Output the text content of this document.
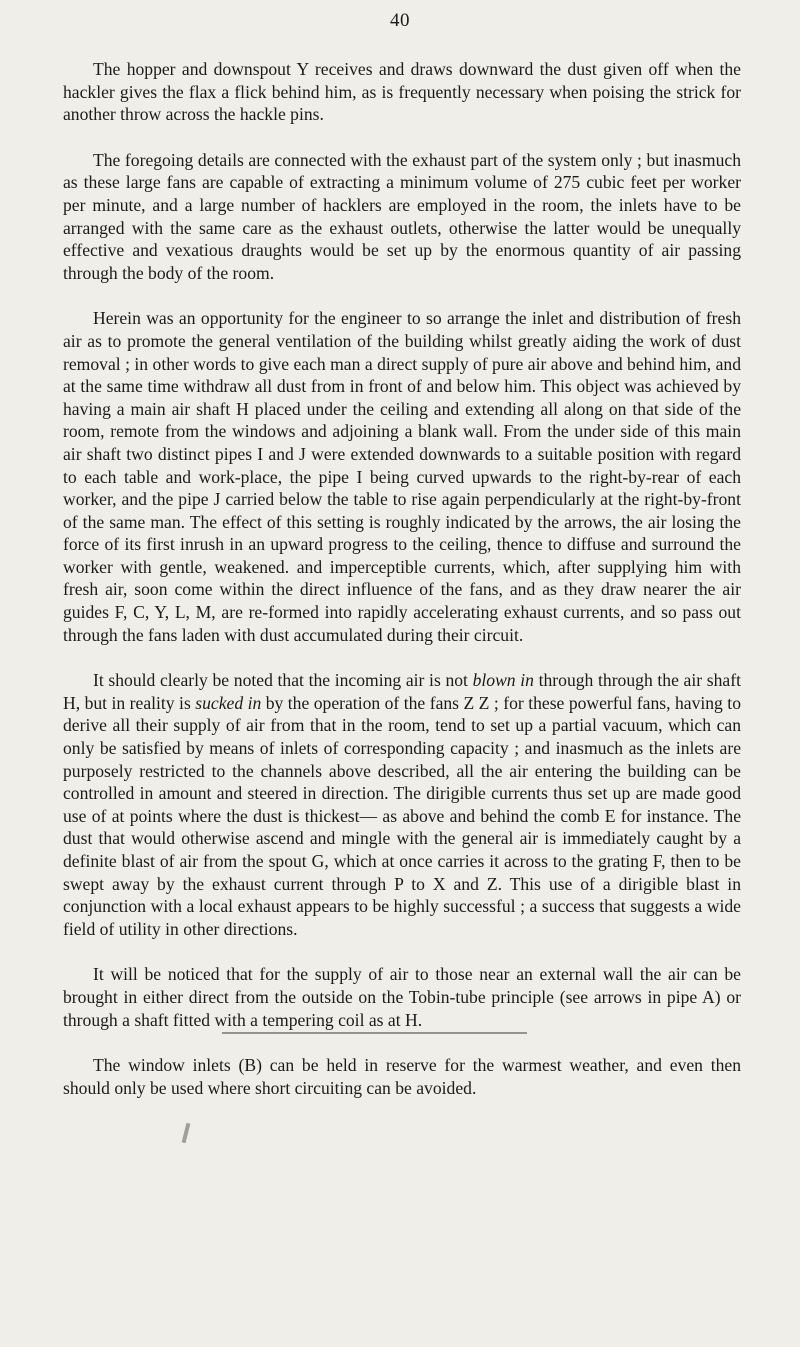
40

The hopper and downspout Y receives and draws downward the dust given off when the hackler gives the flax a flick behind him, as is frequently necessary when poising the strick for another throw across the hackle pins.

The foregoing details are connected with the exhaust part of the system only ; but inasmuch as these large fans are capable of extracting a minimum volume of 275 cubic feet per worker per minute, and a large number of hacklers are employed in the room, the inlets have to be arranged with the same care as the exhaust outlets, otherwise the latter would be unequally effective and vexatious draughts would be set up by the enormous quantity of air passing through the body of the room.

Herein was an opportunity for the engineer to so arrange the inlet and distribution of fresh air as to promote the general ventilation of the building whilst greatly aiding the work of dust removal ; in other words to give each man a direct supply of pure air above and behind him, and at the same time withdraw all dust from in front of and below him. This object was achieved by having a main air shaft H placed under the ceiling and extending all along on that side of the room, remote from the windows and adjoining a blank wall. From the under side of this main air shaft two distinct pipes I and J were extended downwards to a suitable position with regard to each table and work-place, the pipe I being curved upwards to the right-by-rear of each worker, and the pipe J carried below the table to rise again perpendicularly at the right-by-front of the same man. The effect of this setting is roughly indicated by the arrows, the air losing the force of its first inrush in an upward progress to the ceiling, thence to diffuse and surround the worker with gentle, weakened. and imperceptible currents, which, after supplying him with fresh air, soon come within the direct influence of the fans, and as they draw nearer the air guides F, C, Y, L, M, are re-formed into rapidly accelerating exhaust currents, and so pass out through the fans laden with dust accumulated during their circuit.

It should clearly be noted that the incoming air is not blown in through through the air shaft H, but in reality is sucked in by the operation of the fans Z Z ; for these powerful fans, having to derive all their supply of air from that in the room, tend to set up a partial vacuum, which can only be satisfied by means of inlets of corresponding capacity ; and inasmuch as the inlets are purposely restricted to the channels above described, all the air entering the building can be controlled in amount and steered in direction. The dirigible currents thus set up are made good use of at points where the dust is thickest— as above and behind the comb E for instance. The dust that would otherwise ascend and mingle with the general air is immediately caught by a definite blast of air from the spout G, which at once carries it across to the grating F, then to be swept away by the exhaust current through P to X and Z. This use of a dirigible blast in conjunction with a local exhaust appears to be highly successful ; a success that suggests a wide field of utility in other directions.

It will be noticed that for the supply of air to those near an external wall the air can be brought in either direct from the outside on the Tobin-tube principle (see arrows in pipe A) or through a shaft fitted with a tempering coil as at H.

The window inlets (B) can be held in reserve for the warmest weather, and even then should only be used where short circuiting can be avoided.
